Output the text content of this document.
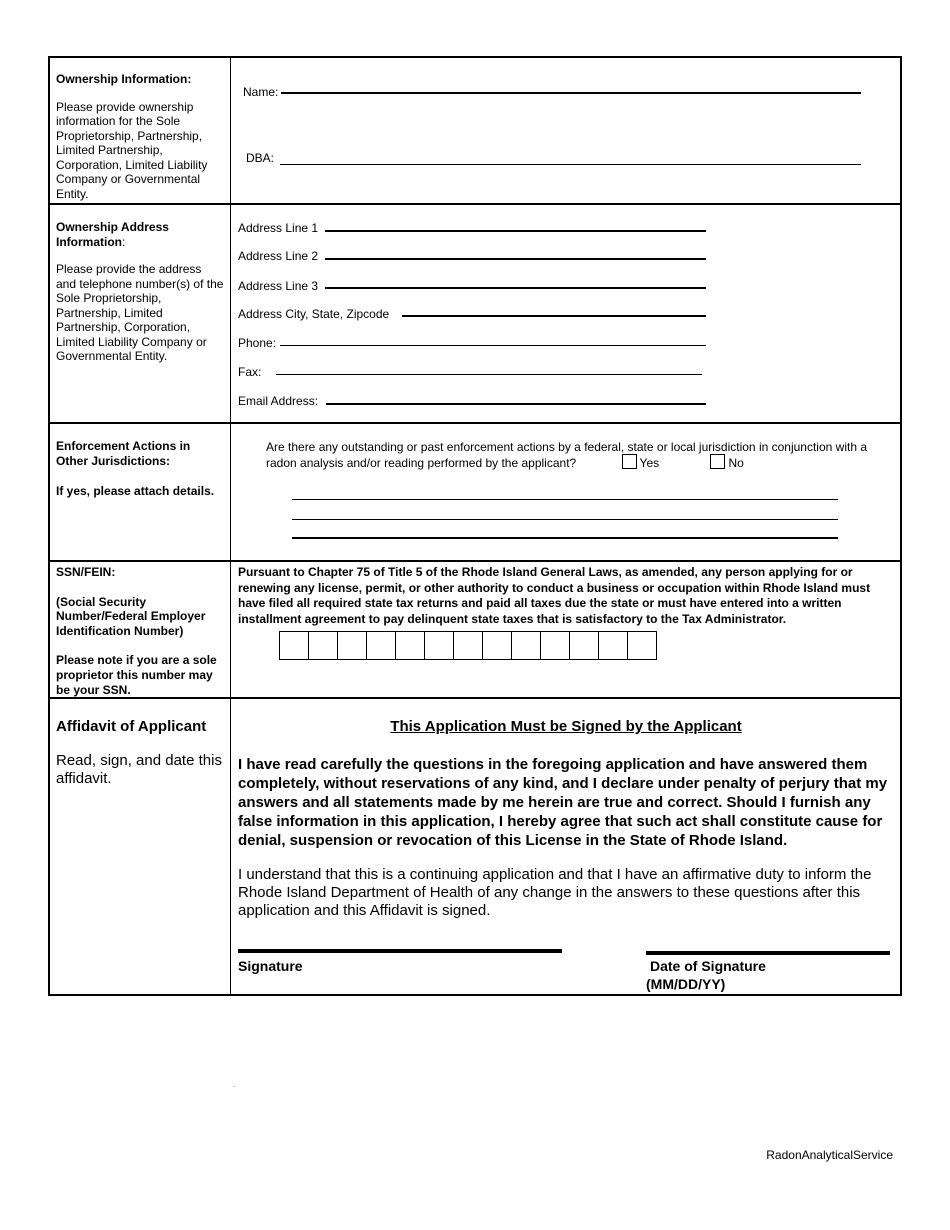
Ownership Information:

Please provide ownership information for the Sole Proprietorship, Partnership, Limited Partnership, Corporation, Limited Liability Company or Governmental Entity.

Name:
DBA:

Ownership Address Information:

Please provide the address and telephone number(s) of the Sole Proprietorship, Partnership, Limited Partnership, Corporation, Limited Liability Company or Governmental Entity.

Address Line 1
Address Line 2
Address Line 3
Address City, State, Zipcode
Phone:
Fax:
Email Address:

Enforcement Actions in Other Jurisdictions:

If yes, please attach details.

Are there any outstanding or past enforcement actions by a federal, state or local jurisdiction in conjunction with a radon analysis and/or reading performed by the applicant?	Yes	No

SSN/FEIN:

(Social Security Number/Federal Employer Identification Number)

Please note if you are a sole proprietor this number may be your SSN.

Pursuant to Chapter 75 of Title 5 of the Rhode Island General Laws, as amended, any person applying for or renewing any license, permit, or other authority to conduct a business or occupation within Rhode Island must have filed all required state tax returns and paid all taxes due the state or must have entered into a written installment agreement to pay delinquent state taxes that is satisfactory to the Tax Administrator.

Affidavit of Applicant

Read, sign, and date this affidavit.

This Application Must be Signed by the Applicant

I have read carefully the questions in the foregoing application and have answered them completely, without reservations of any kind, and I declare under penalty of perjury that my answers and all statements made by me herein are true and correct. Should I furnish any false information in this application, I hereby agree that such act shall constitute cause for denial, suspension or revocation of this License in the State of Rhode Island.

I understand that this is a continuing application and that I have an affirmative duty to inform the Rhode Island Department of Health of any change in the answers to these questions after this application and this Affidavit is signed.

Signature	Date of Signature

(MM/DD/YY)

.
RadonAnalyticalService
